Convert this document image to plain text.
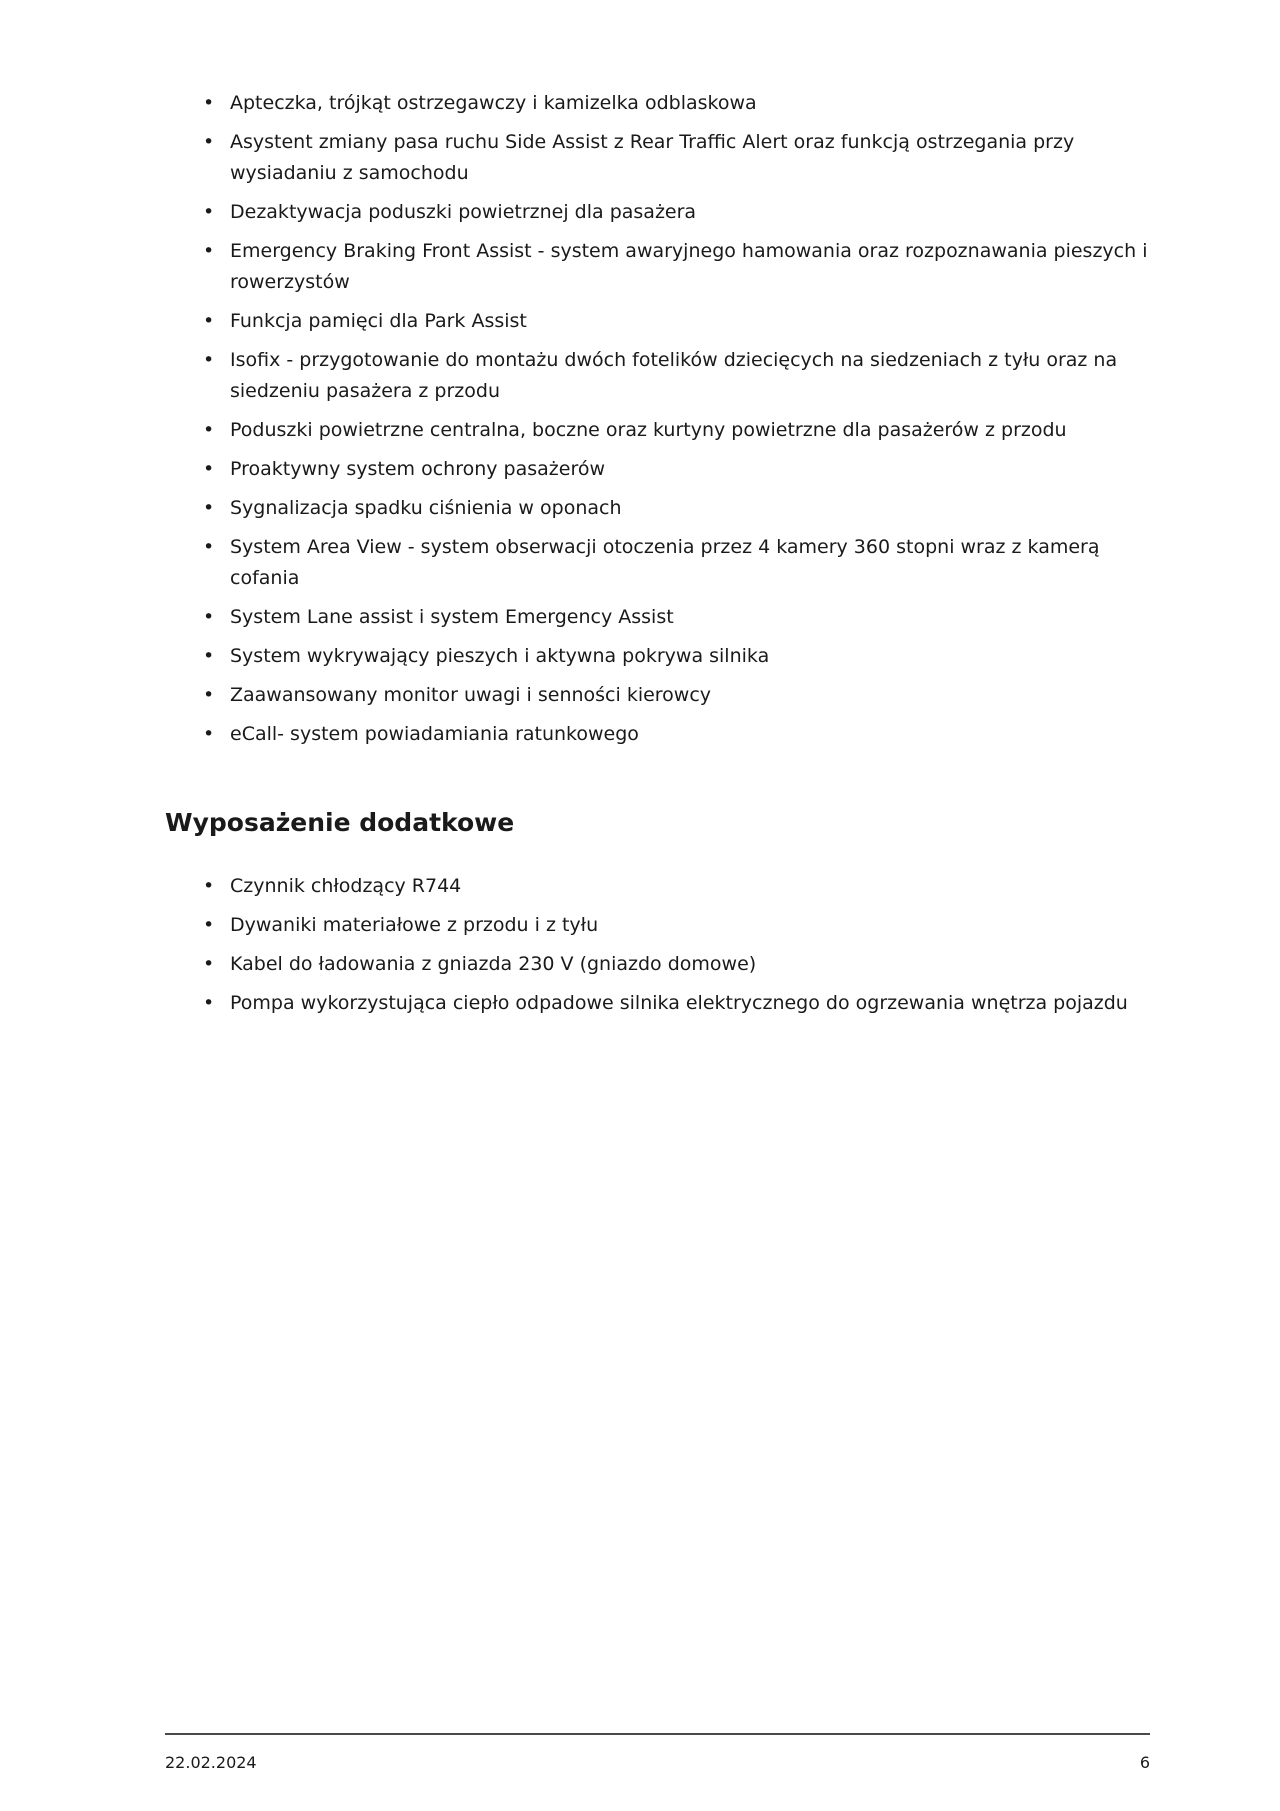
• Apteczka, trójkąt ostrzegawczy i kamizelka odblaskowa
• Asystent zmiany pasa ruchu Side Assist z Rear Traffic Alert oraz funkcją ostrzegania przy wysiadaniu z samochodu
• Dezaktywacja poduszki powietrznej dla pasażera
• Emergency Braking Front Assist - system awaryjnego hamowania oraz rozpoznawania pieszych i rowerzystów
• Funkcja pamięci dla Park Assist
• Isofix - przygotowanie do montażu dwóch fotelików dziecięcych na siedzeniach z tyłu oraz na siedzeniu pasażera z przodu
• Poduszki powietrzne centralna, boczne oraz kurtyny powietrzne dla pasażerów z przodu
• Proaktywny system ochrony pasażerów
• Sygnalizacja spadku ciśnienia w oponach
• System Area View - system obserwacji otoczenia przez 4 kamery 360 stopni wraz z kamerą cofania
• System Lane assist i system Emergency Assist
• System wykrywający pieszych i aktywna pokrywa silnika
• Zaawansowany monitor uwagi i senności kierowcy
• eCall- system powiadamiania ratunkowego
Wyposażenie dodatkowe
• Czynnik chłodzący R744
• Dywaniki materiałowe z przodu i z tyłu
• Kabel do ładowania z gniazda 230 V (gniazdo domowe)
• Pompa wykorzystująca ciepło odpadowe silnika elektrycznego do ogrzewania wnętrza pojazdu
22.02.2024	6
